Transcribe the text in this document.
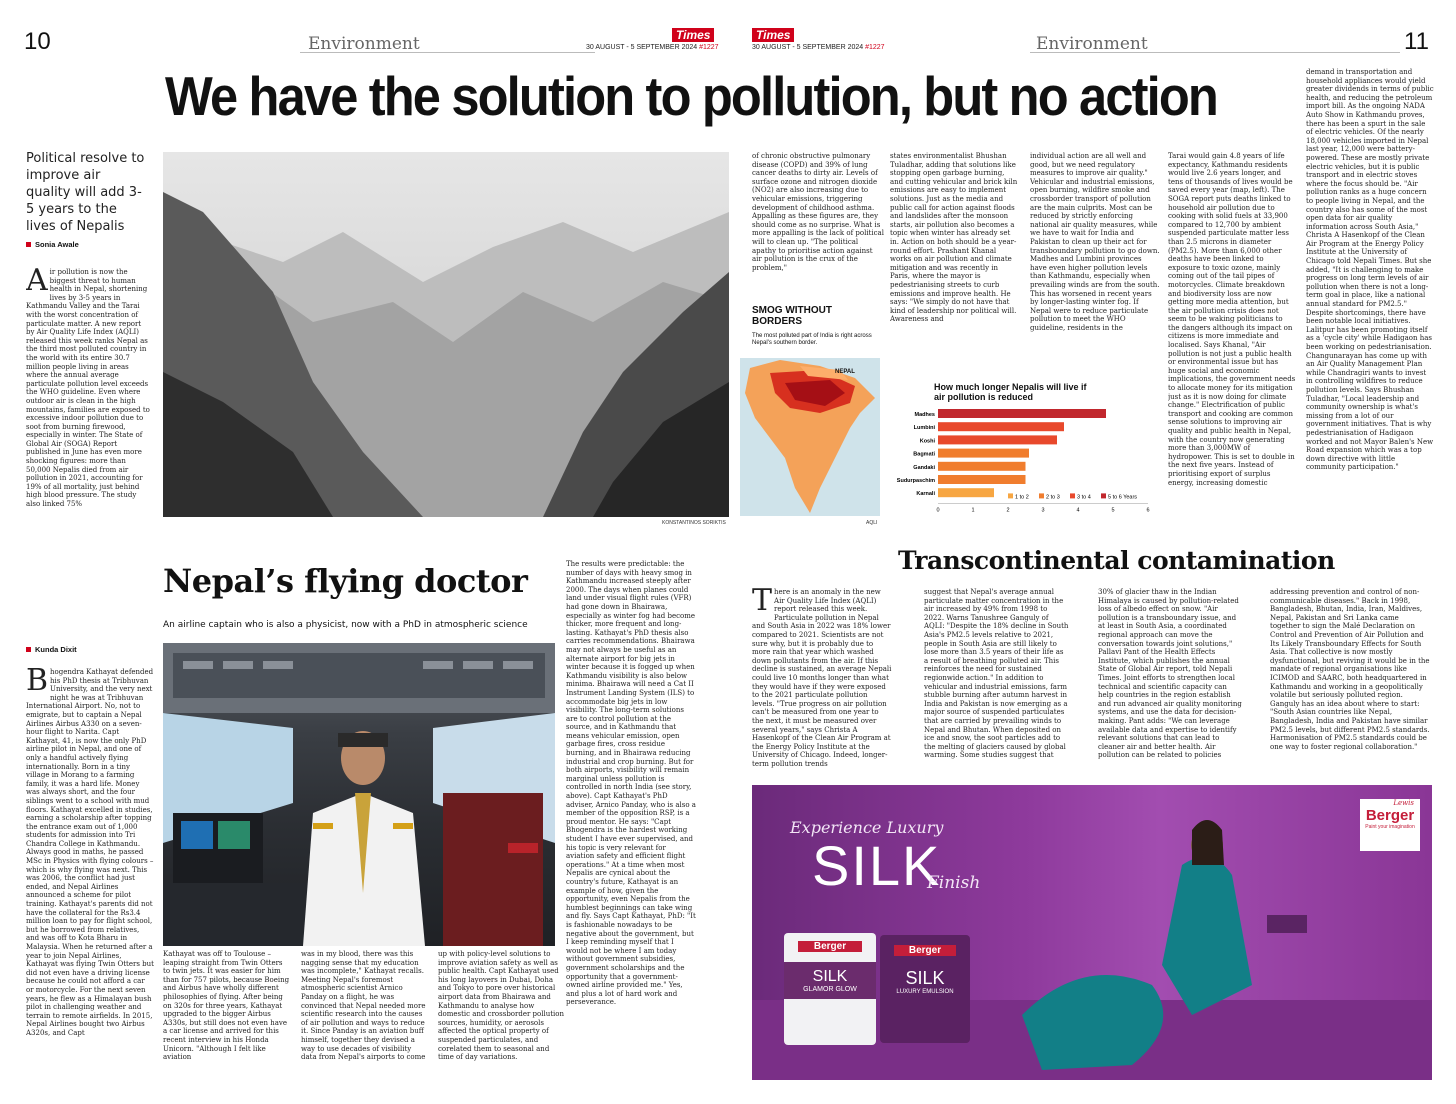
10	Environment	Times
30 AUGUST - 5 SEPTEMBER 2024 #1227
Times
30 AUGUST - 5 SEPTEMBER 2024 #1227	Environment	11
We have the solution to pollution, but no action
Political resolve to improve air quality will add 3-5 years to the lives of Nepalis
Sonia Awale
Air pollution is now the biggest threat to human health in Nepal, shortening lives by 3-5 years in Kathmandu Valley and the Tarai with the worst concentration of particulate matter. A new report by Air Quality Life Index (AQLI) released this week ranks Nepal as the third most polluted country in the world with its entire 30.7 million people living in areas where the annual average particulate pollution level exceeds the WHO guideline. Even where outdoor air is clean in the high mountains, families are exposed to excessive indoor pollution due to soot from burning firewood, especially in winter. The State of Global Air (SOGA) Report published in June has even more shocking figures: more than 50,000 Nepalis died from air pollution in 2021, accounting for 19% of all mortality, just behind high blood pressure. The study also linked 75%
KONSTANTINOS SORIKTIS
of chronic obstructive pulmonary disease (COPD) and 39% of lung cancer deaths to dirty air. Levels of surface ozone and nitrogen dioxide (NO2) are also increasing due to vehicular emissions, triggering development of childhood asthma. Appalling as these figures are, they should come as no surprise. What is more appalling is the lack of political will to clean up. "The political apathy to prioritise action against air pollution is the crux of the problem,"
states environmentalist Bhushan Tuladhar, adding that solutions like stopping open garbage burning, and cutting vehicular and brick kiln emissions are easy to implement solutions. Just as the media and public call for action against floods and landslides after the monsoon starts, air pollution also becomes a topic when winter has already set in. Action on both should be a year-round effort. Prashant Khanal works on air pollution and climate mitigation and was recently in Paris, where the mayor is pedestrianising streets to curb emissions and improve health. He says: "We simply do not have that kind of leadership nor political will. Awareness and
individual action are all well and good, but we need regulatory measures to improve air quality." Vehicular and industrial emissions, open burning, wildfire smoke and crossborder transport of pollution are the main culprits. Most can be reduced by strictly enforcing national air quality measures, while we have to wait for India and Pakistan to clean up their act for transboundary pollution to go down. Madhes and Lumbini provinces have even higher pollution levels than Kathmandu, especially when prevailing winds are from the south. This has worsened in recent years by longer-lasting winter fog. If Nepal were to reduce particulate pollution to meet the WHO guideline, residents in the
Tarai would gain 4.8 years of life expectancy, Kathmandu residents would live 2.6 years longer, and tens of thousands of lives would be saved every year (map, left). The SOGA report puts deaths linked to household air pollution due to cooking with solid fuels at 33,900 compared to 12,700 by ambient suspended particulate matter less than 2.5 microns in diameter (PM2.5). More than 6,000 other deaths have been linked to exposure to toxic ozone, mainly coming out of the tail pipes of motorcycles. Climate breakdown and biodiversity loss are now getting more media attention, but the air pollution crisis does not seem to be waking politicians to the dangers although its impact on citizens is more immediate and localised. Says Khanal, "Air pollution is not just a public health or environmental issue but has huge social and economic implications, the government needs to allocate money for its mitigation just as it is now doing for climate change." Electrification of public transport and cooking are common sense solutions to improving air quality and public health in Nepal, with the country now generating more than 3,000MW of hydropower. This is set to double in the next five years. Instead of prioritising export of surplus energy, increasing domestic
demand in transportation and household appliances would yield greater dividends in terms of public health, and reducing the petroleum import bill. As the ongoing NADA Auto Show in Kathmandu proves, there has been a spurt in the sale of electric vehicles. Of the nearly 18,000 vehicles imported in Nepal last year, 12,000 were battery-powered. These are mostly private electric vehicles, but it is public transport and in electric stoves where the focus should be. "Air pollution ranks as a huge concern to people living in Nepal, and the country also has some of the most open data for air quality information across South Asia," Christa A Hasenkopf of the Clean Air Program at the Energy Policy Institute at the University of Chicago told Nepali Times. But she added, "It is challenging to make progress on long term levels of air pollution when there is not a long-term goal in place, like a national annual standard for PM2.5." Despite shortcomings, there have been notable local initiatives. Lalitpur has been promoting itself as a 'cycle city' while Hadigaon has been working on pedestrianisation. Changunarayan has come up with an Air Quality Management Plan while Chandragiri wants to invest in controlling wildfires to reduce pollution levels. Says Bhushan Tuladhar, "Local leadership and community ownership is what's missing from a lot of our government initiatives. That is why pedestrianisation of Hadigaon worked and not Mayor Balen's New Road expansion which was a top down directive with little community participation."
SMOG WITHOUT BORDERS
The most polluted part of India is right across Nepal's southern border.
NEPAL
AQLI
How much longer Nepalis will live if air pollution is reduced
Madhes
Lumbini
Koshi
Bagmati
Gandaki
Sudurpaschim
Karnali
0	1	2	3	4	5	6
1 to 2	2 to 3	3 to 4	5 to 6 Years
Nepal’s flying doctor
An airline captain who is also a physicist, now with a PhD in atmospheric science
Kunda Dixit
Bhogendra Kathayat defended his PhD thesis at Tribhuvan University, and the very next night he was at Tribhuvan International Airport. No, not to emigrate, but to captain a Nepal Airlines Airbus A330 on a seven-hour flight to Narita. Capt Kathayat, 41, is now the only PhD airline pilot in Nepal, and one of only a handful actively flying internationally. Born in a tiny village in Morang to a farming family, it was a hard life. Money was always short, and the four siblings went to a school with mud floors. Kathayat excelled in studies, earning a scholarship after topping the entrance exam out of 1,000 students for admission into Tri Chandra College in Kathmandu. Always good in maths, he passed MSc in Physics with flying colours – which is why flying was next. This was 2006, the conflict had just ended, and Nepal Airlines announced a scheme for pilot training. Kathayat's parents did not have the collateral for the Rs3.4 million loan to pay for flight school, but he borrowed from relatives, and was off to Kota Bharu in Malaysia. When he returned after a year to join Nepal Airlines, Kathayat was flying Twin Otters but did not even have a driving license because he could not afford a car or motorcycle. For the next seven years, he flew as a Himalayan bush pilot in challenging weather and terrain to remote airfields. In 2015, Nepal Airlines bought two Airbus A320s, and Capt
Kathayat was off to Toulouse – leaping straight from Twin Otters to twin jets. It was easier for him than for 757 pilots, because Boeing and Airbus have wholly different philosophies of flying. After being on 320s for three years, Kathayat upgraded to the bigger Airbus A330s, but still does not even have a car license and arrived for this recent interview in his Honda Unicorn. "Although I felt like aviation
was in my blood, there was this nagging sense that my education was incomplete," Kathayat recalls. Meeting Nepal's foremost atmospheric scientist Arnico Panday on a flight, he was convinced that Nepal needed more scientific research into the causes of air pollution and ways to reduce it. Since Panday is an aviation buff himself, together they devised a way to use decades of visibility data from Nepal's airports to come
up with policy-level solutions to improve aviation safety as well as public health. Capt Kathayat used his long layovers in Dubai, Doha and Tokyo to pore over historical airport data from Bhairawa and Kathmandu to analyse how domestic and crossborder pollution sources, humidity, or aerosols affected the optical property of suspended particulates, and corelated them to seasonal and time of day variations.
The results were predictable: the number of days with heavy smog in Kathmandu increased steeply after 2000. The days when planes could land under visual flight rules (VFR) had gone down in Bhairawa, especially as winter fog had become thicker, more frequent and long-lasting. Kathayat's PhD thesis also carries recommendations. Bhairawa may not always be useful as an alternate airport for big jets in winter because it is fogged up when Kathmandu visibility is also below minima. Bhairawa will need a Cat II Instrument Landing System (ILS) to accommodate big jets in low visibility. The long-term solutions are to control pollution at the source, and in Kathmandu that means vehicular emission, open garbage fires, cross residue burning, and in Bhairawa reducing industrial and crop burning. But for both airports, visibility will remain marginal unless pollution is controlled in north India (see story, above). Capt Kathayat's PhD adviser, Arnico Panday, who is also a member of the opposition RSP, is a proud mentor. He says: "Capt Bhogendra is the hardest working student I have ever supervised, and his topic is very relevant for aviation safety and efficient flight operations." At a time when most Nepalis are cynical about the country's future, Kathayat is an example of how, given the opportunity, even Nepalis from the humblest beginnings can take wing and fly. Says Capt Kathayat, PhD: "It is fashionable nowadays to be negative about the government, but I keep reminding myself that I would not be where I am today without government subsidies, government scholarships and the opportunity that a government-owned airline provided me." Yes, and plus a lot of hard work and perseverance.
Transcontinental contamination
There is an anomaly in the new Air Quality Life Index (AQLI) report released this week. Particulate pollution in Nepal and South Asia in 2022 was 18% lower compared to 2021. Scientists are not sure why, but it is probably due to more rain that year which washed down pollutants from the air. If this decline is sustained, an average Nepali could live 10 months longer than what they would have if they were exposed to the 2021 particulate pollution levels. "True progress on air pollution can't be measured from one year to the next, it must be measured over several years," says Christa A Hasenkopf of the Clean Air Program at the Energy Policy Institute at the University of Chicago. Indeed, longer-term pollution trends
suggest that Nepal's average annual particulate matter concentration in the air increased by 49% from 1998 to 2022. Warns Tanushree Ganguly of AQLI: "Despite the 18% decline in South Asia's PM2.5 levels relative to 2021, people in South Asia are still likely to lose more than 3.5 years of their life as a result of breathing polluted air. This reinforces the need for sustained regionwide action." In addition to vehicular and industrial emissions, farm stubble burning after autumn harvest in India and Pakistan is now emerging as a major source of suspended particulates that are carried by prevailing winds to Nepal and Bhutan. When deposited on ice and snow, the soot particles add to the melting of glaciers caused by global warming. Some studies suggest that
30% of glacier thaw in the Indian Himalaya is caused by pollution-related loss of albedo effect on snow. "Air pollution is a transboundary issue, and at least in South Asia, a coordinated regional approach can move the conversation towards joint solutions," Pallavi Pant of the Health Effects Institute, which publishes the annual State of Global Air report, told Nepali Times. Joint efforts to strengthen local technical and scientific capacity can help countries in the region establish and run advanced air quality monitoring systems, and use the data for decision-making. Pant adds: "We can leverage available data and expertise to identify relevant solutions that can lead to cleaner air and better health. Air pollution can be related to policies
addressing prevention and control of non-communicable diseases." Back in 1998, Bangladesh, Bhutan, India, Iran, Maldives, Nepal, Pakistan and Sri Lanka came together to sign the Malé Declaration on Control and Prevention of Air Pollution and Its Likely Transboundary Effects for South Asia. That collective is now mostly dysfunctional, but reviving it would be in the mandate of regional organisations like ICIMOD and SAARC, both headquartered in Kathmandu and working in a geopolitically volatile but seriously polluted region. Ganguly has an idea about where to start: "South Asian countries like Nepal, Bangladesh, India and Pakistan have similar PM2.5 levels, but different PM2.5 standards. Harmonisation of PM2.5 standards could be one way to foster regional collaboration."
Experience Luxury
SILK
Finish
Berger
SILK
GLAMOR GLOW
Berger
SILK
LUXURY EMULSION
Lewis
Berger
Paint your imagination
